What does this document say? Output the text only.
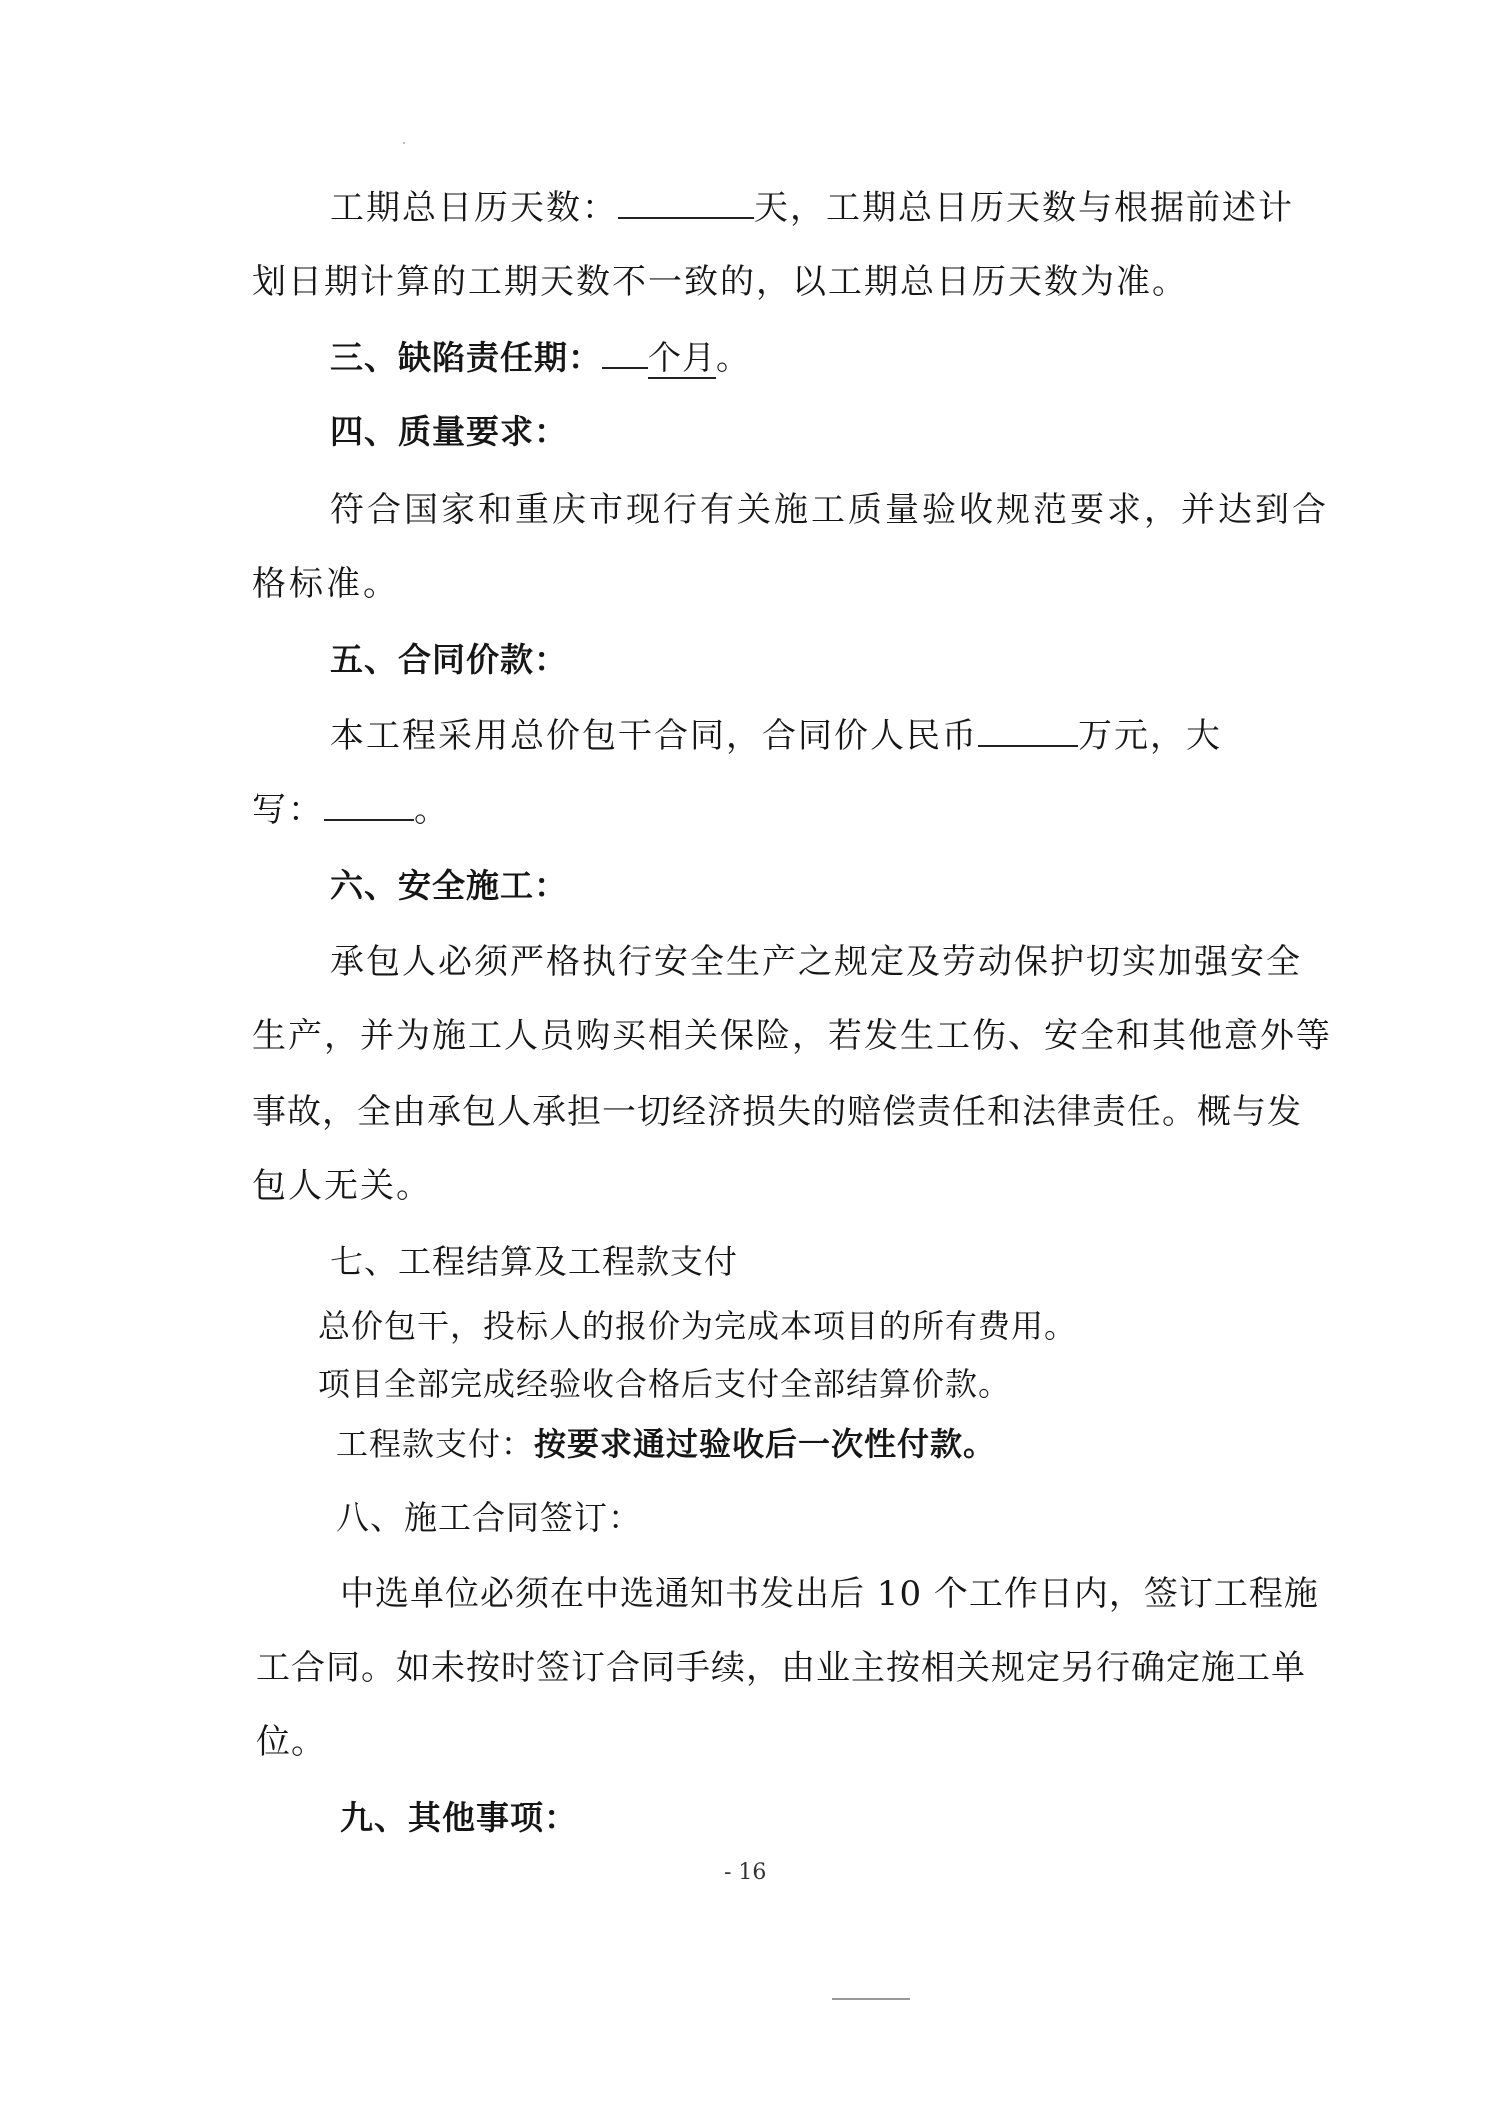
工期总日历天数：	天，工期总日历天数与根据前述计
划日期计算的工期天数不一致的，以工期总日历天数为准。
三、缺陷责任期： 个月。
四、质量要求：
符合国家和重庆市现行有关施工质量验收规范要求，并达到合
格标准。
五、合同价款：
本工程采用总价包干合同，合同价人民币	万元，大
写：	。
六、安全施工：
承包人必须严格执行安全生产之规定及劳动保护切实加强安全
生产，并为施工人员购买相关保险，若发生工伤、安全和其他意外等
事故，全由承包人承担一切经济损失的赔偿责任和法律责任。概与发
包人无关。
七、工程结算及工程款支付
总价包干，投标人的报价为完成本项目的所有费用。
项目全部完成经验收合格后支付全部结算价款。
工程款支付：按要求通过验收后一次性付款。
八、施工合同签订：
中选单位必须在中选通知书发出后 10 个工作日内，签订工程施
工合同。如未按时签订合同手续，由业主按相关规定另行确定施工单
位。
九、其他事项：
- 16
